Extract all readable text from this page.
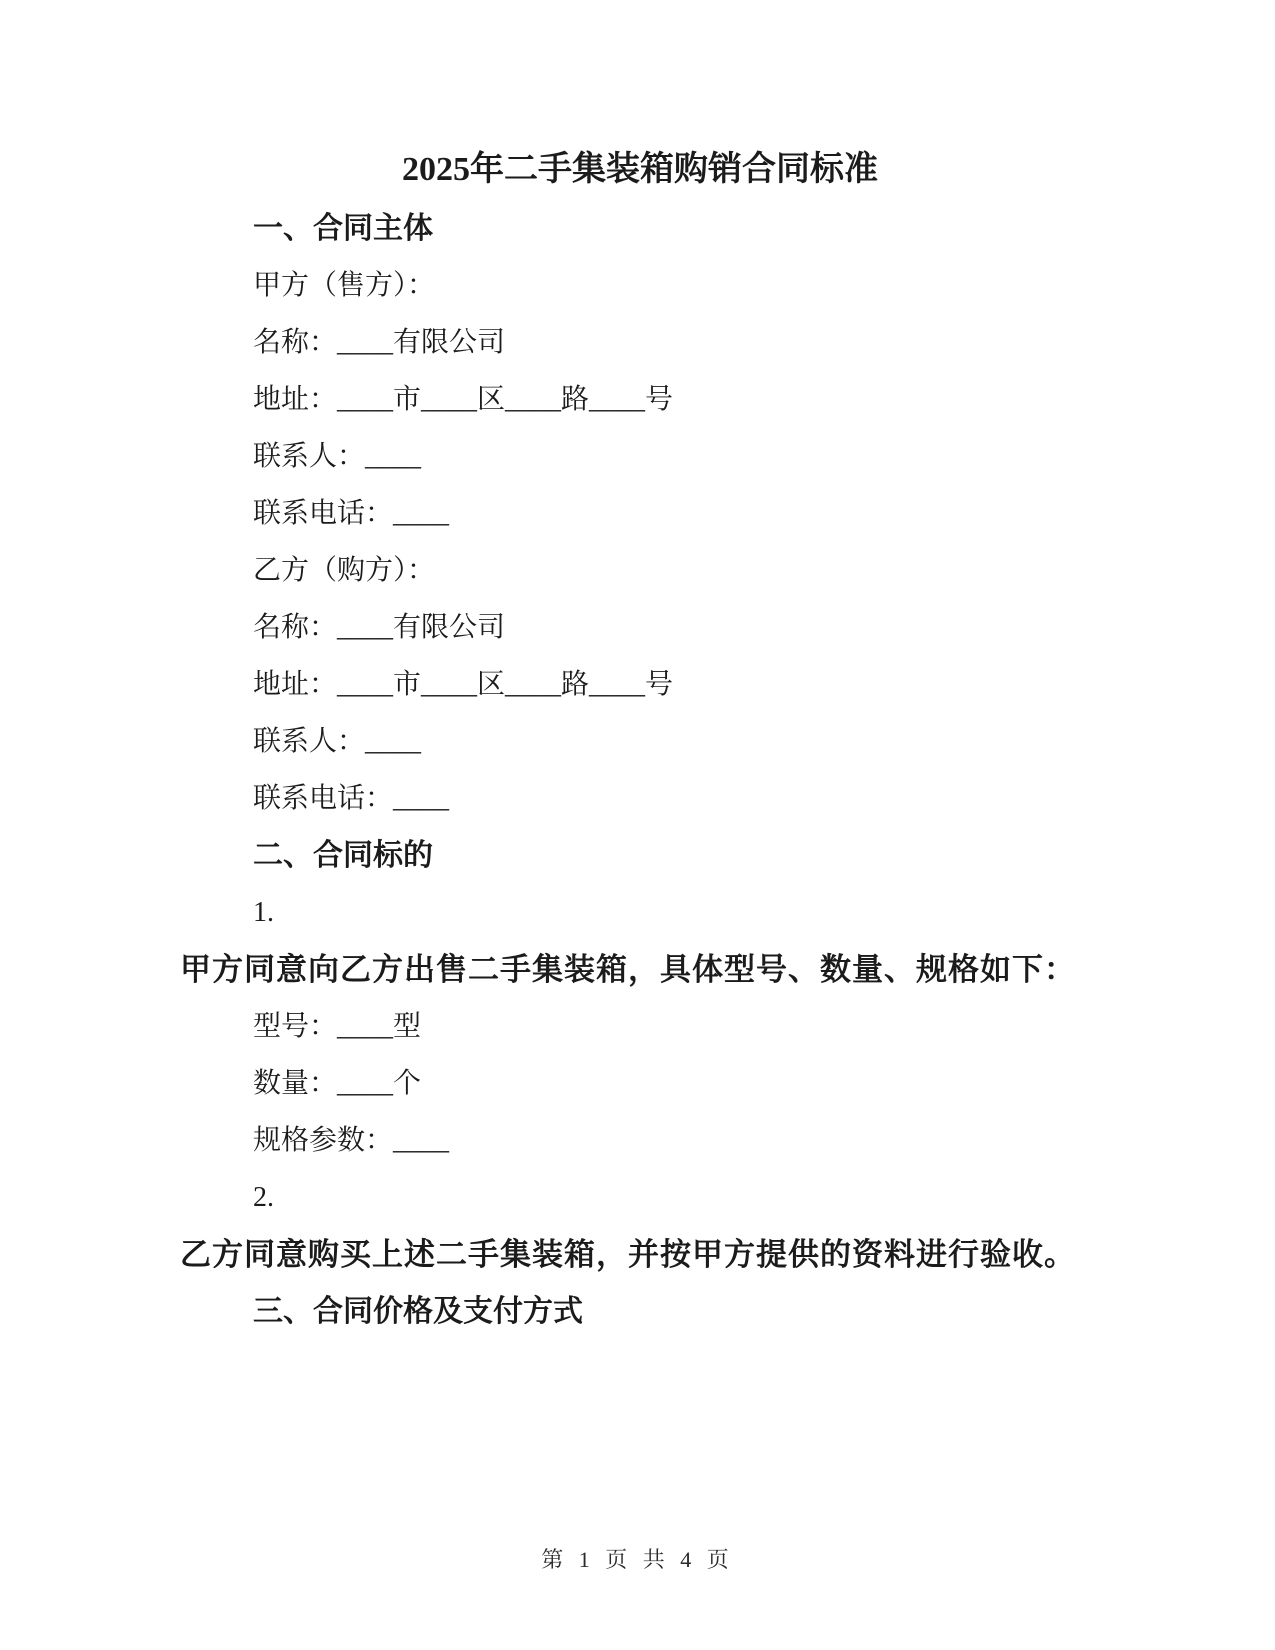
2025年二手集装箱购销合同标准

一、合同主体

甲方（售方）：

名称：____有限公司

地址：____市____区____路____号

联系人：____

联系电话：____

乙方（购方）：

名称：____有限公司

地址：____市____区____路____号

联系人：____

联系电话：____

二、合同标的

1.

甲方同意向乙方出售二手集装箱，具体型号、数量、规格如下：

型号：____型

数量：____个

规格参数：____

2.

乙方同意购买上述二手集装箱，并按甲方提供的资料进行验收。

三、合同价格及支付方式

第 1 页 共 4 页
